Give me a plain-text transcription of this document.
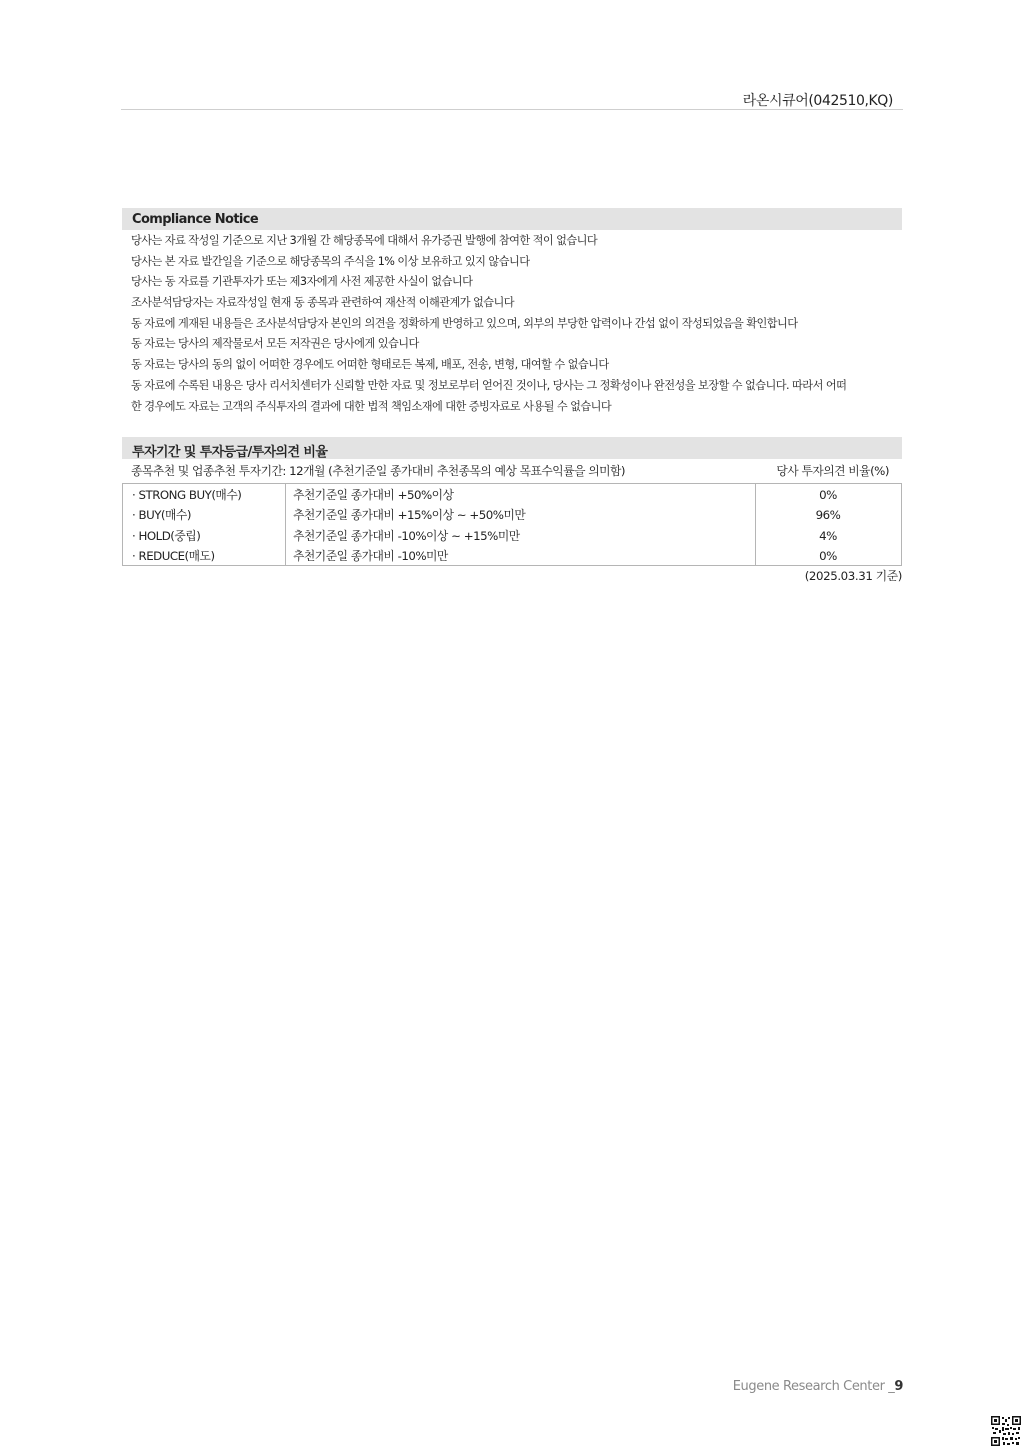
라온시큐어(042510,KQ)
Compliance Notice
당사는 자료 작성일 기준으로 지난 3개월 간 해당종목에 대해서 유가증권 발행에 참여한 적이 없습니다
당사는 본 자료 발간일을 기준으로 해당종목의 주식을 1% 이상 보유하고 있지 않습니다
당사는 동 자료를 기관투자가 또는 제3자에게 사전 제공한 사실이 없습니다
조사분석담당자는 자료작성일 현재 동 종목과 관련하여 재산적 이해관계가 없습니다
동 자료에 게재된 내용들은 조사분석담당자 본인의 의견을 정확하게 반영하고 있으며, 외부의 부당한 압력이나 간섭 없이 작성되었음을 확인합니다
동 자료는 당사의 제작물로서 모든 저작권은 당사에게 있습니다
동 자료는 당사의 동의 없이 어떠한 경우에도 어떠한 형태로든 복제, 배포, 전송, 변형, 대여할 수 없습니다
동 자료에 수록된 내용은 당사 리서치센터가 신뢰할 만한 자료 및 정보로부터 얻어진 것이나, 당사는 그 정확성이나 완전성을 보장할 수 없습니다. 따라서 어떠
한 경우에도 자료는 고객의 주식투자의 결과에 대한 법적 책임소재에 대한 증빙자료로 사용될 수 없습니다
투자기간 및 투자등급/투자의견 비율
종목추천 및 업종추천 투자기간: 12개월 (추천기준일 종가대비 추천종목의 예상 목표수익률을 의미함)	당사 투자의견 비율(%)
· STRONG BUY(매수)	추천기준일 종가대비 +50%이상	0%
· BUY(매수)	추천기준일 종가대비 +15%이상 ~ +50%미만	96%
· HOLD(중립)	추천기준일 종가대비 -10%이상 ~ +15%미만	4%
· REDUCE(매도)	추천기준일 종가대비 -10%미만	0%
(2025.03.31 기준)
Eugene Research Center _9
